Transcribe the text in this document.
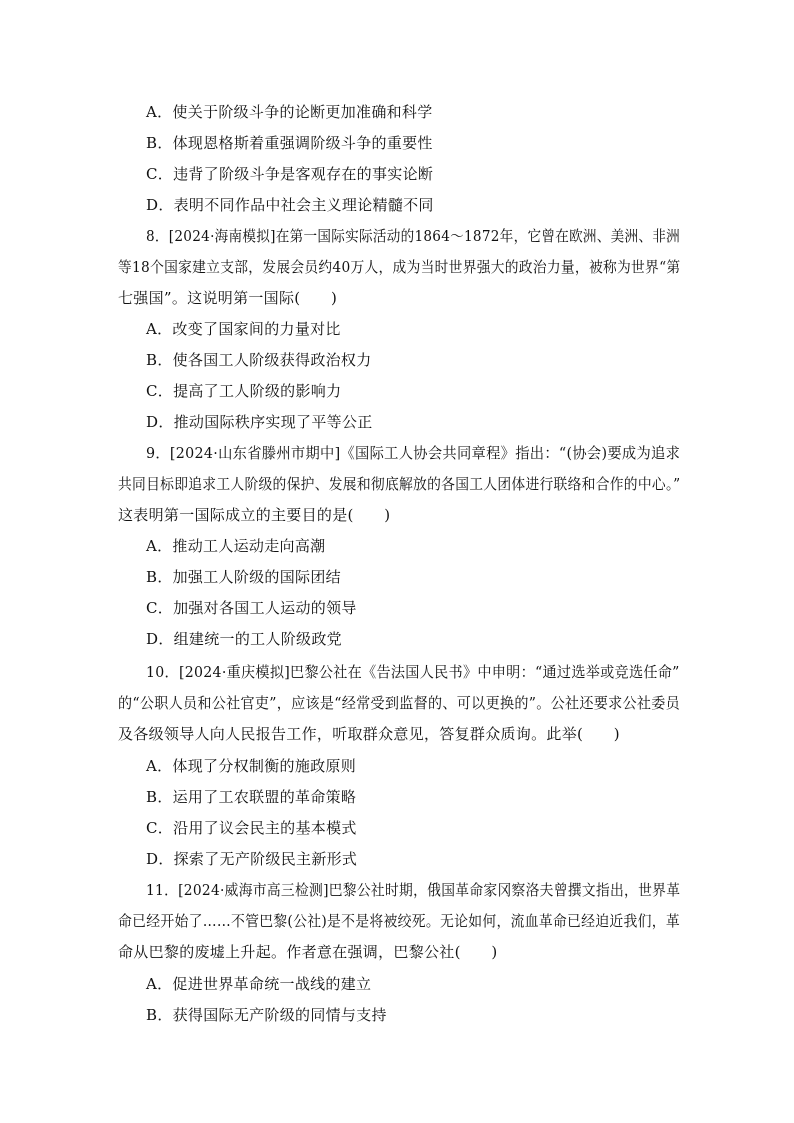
A．使关于阶级斗争的论断更加准确和科学
B．体现恩格斯着重强调阶级斗争的重要性
C．违背了阶级斗争是客观存在的事实论断
D．表明不同作品中社会主义理论精髓不同
8．[2024·海南模拟]在第一国际实际活动的1864～1872年，它曾在欧洲、美洲、非洲
等18个国家建立支部，发展会员约40万人，成为当时世界强大的政治力量，被称为世界“第
七强国”。这说明第一国际(　　)
A．改变了国家间的力量对比
B．使各国工人阶级获得政治权力
C．提高了工人阶级的影响力
D．推动国际秩序实现了平等公正
9．[2024·山东省滕州市期中]《国际工人协会共同章程》指出：“(协会)要成为追求
共同目标即追求工人阶级的保护、发展和彻底解放的各国工人团体进行联络和合作的中心。”
这表明第一国际成立的主要目的是(　　)
A．推动工人运动走向高潮
B．加强工人阶级的国际团结
C．加强对各国工人运动的领导
D．组建统一的工人阶级政党
10．[2024·重庆模拟]巴黎公社在《告法国人民书》中申明：“通过选举或竞选任命”
的“公职人员和公社官吏”，应该是“经常受到监督的、可以更换的”。公社还要求公社委员
及各级领导人向人民报告工作，听取群众意见，答复群众质询。此举(　　)
A．体现了分权制衡的施政原则
B．运用了工农联盟的革命策略
C．沿用了议会民主的基本模式
D．探索了无产阶级民主新形式
11．[2024·威海市高三检测]巴黎公社时期，俄国革命家冈察洛夫曾撰文指出，世界革
命已经开始了……不管巴黎(公社)是不是将被绞死。无论如何，流血革命已经迫近我们，革
命从巴黎的废墟上升起。作者意在强调，巴黎公社(　　)
A．促进世界革命统一战线的建立
B．获得国际无产阶级的同情与支持
